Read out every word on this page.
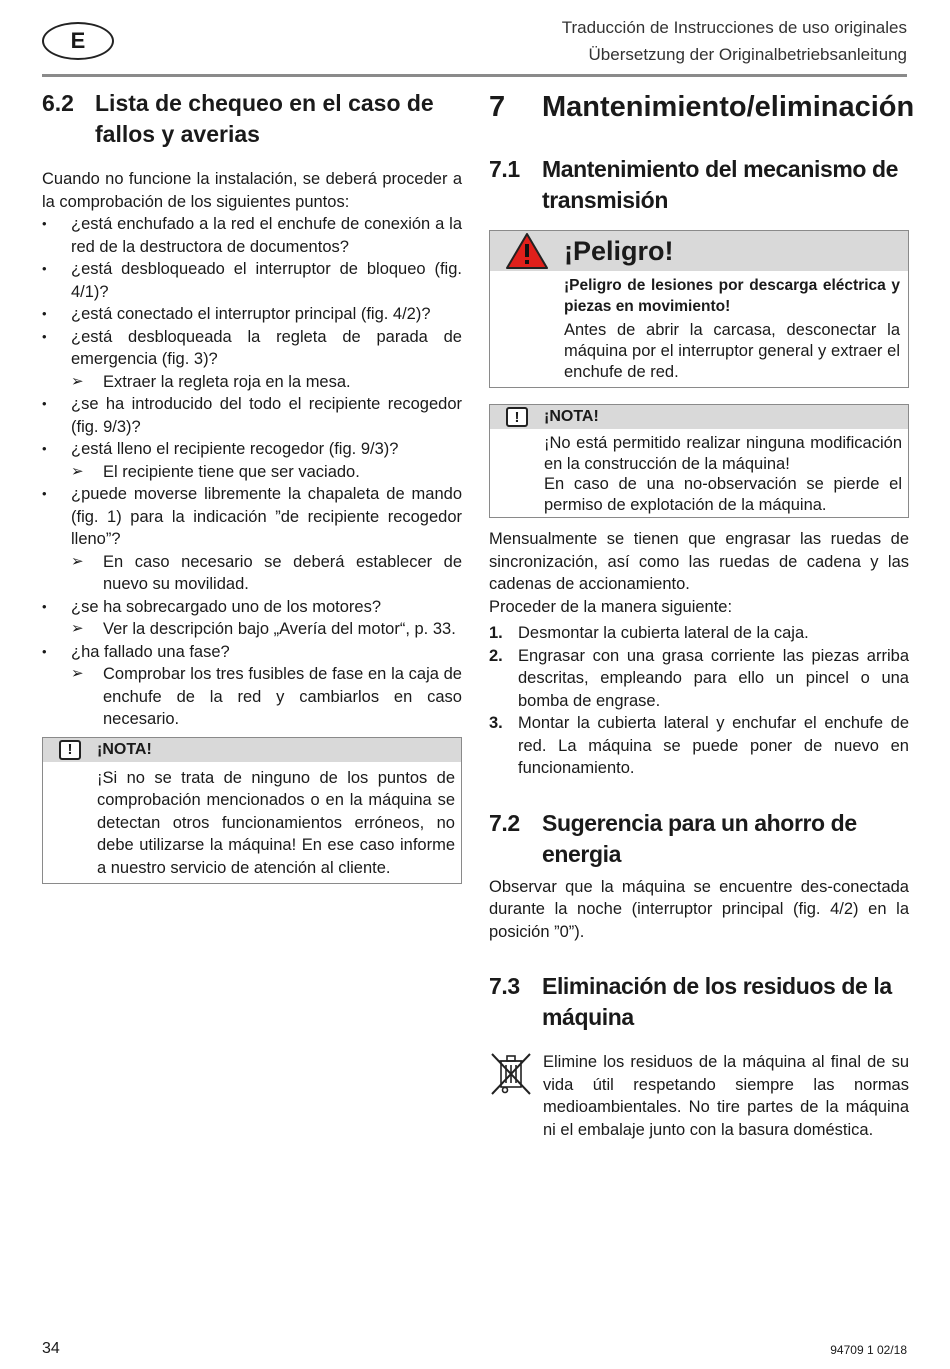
E
Traducción de Instrucciones de uso originales
Übersetzung der Originalbetriebsanleitung
6.2 Lista de chequeo en el caso de fallos y averias

Cuando no funcione la instalación, se deberá proceder a la comprobación de los siguientes puntos:

•	¿está enchufado a la red el enchufe de conexión a la red de la destructora de documentos?
•	¿está desbloqueado el interruptor de bloqueo (fig. 4/1)?
•	¿está conectado el interruptor principal (fig. 4/2)?
•	¿está desbloqueada la regleta de parada de emergencia (fig. 3)?
➢	Extraer la regleta roja en la mesa.
•	¿se ha introducido del todo el recipiente recogedor (fig. 9/3)?
•	¿está lleno el recipiente recogedor (fig. 9/3)?
➢	El recipiente tiene que ser vaciado.
•	¿puede moverse libremente la chapaleta de mando (fig. 1) para la indicación ”de recipiente recogedor lleno”?
➢	En caso necesario se deberá establecer de nuevo su movilidad.
•	¿se ha sobrecargado uno de los motores?
➢	Ver la descripción bajo „Avería del motor“, p. 33.
•	¿ha fallado una fase?
➢	Comprobar los tres fusibles de fase en la caja de enchufe de la red y cambiarlos en caso necesario.
!	¡NOTA!

¡Si no se trata de ninguno de los puntos de comprobación mencionados o en la máquina se detectan otros funcionamientos erróneos, no debe utilizarse la máquina! En ese caso informe a nuestro servicio de atención al cliente.

7	Mantenimiento/eliminación
7.1 Mantenimiento del mecanismo de transmisión
¡Peligro!

¡Peligro de lesiones por descarga eléctrica y piezas en movimiento!

Antes de abrir la carcasa, desconectar la máquina por el interruptor general y extraer el enchufe de red.

!	¡NOTA!

¡No está permitido realizar ninguna modificación en la construcción de la máquina!

En caso de una no-observación se pierde el permiso de explotación de la máquina.

Mensualmente se tienen que engrasar las ruedas de sincronización, así como las ruedas de cadena y las cadenas de accionamiento.

Proceder de la manera siguiente:

1. Desmontar la cubierta lateral de la caja.
2. Engrasar con una grasa corriente las piezas arriba descritas, empleando para ello un pincel o una bomba de engrase.
3. Montar la cubierta lateral y enchufar el enchufe de red. La máquina se puede poner de nuevo en funcionamiento.
7.2 Sugerencia para un ahorro de energia

Observar que la máquina se encuentre des-conectada durante la noche (interruptor principal (fig. 4/2) en la posición ”0”).

7.3 Eliminación de los residuos de la máquina

Elimine los residuos de la máquina al final de su vida útil respetando siempre las normas medioambientales. No tire partes de la máquina ni el embalaje junto con la basura doméstica.

34	94709 1 02/18
